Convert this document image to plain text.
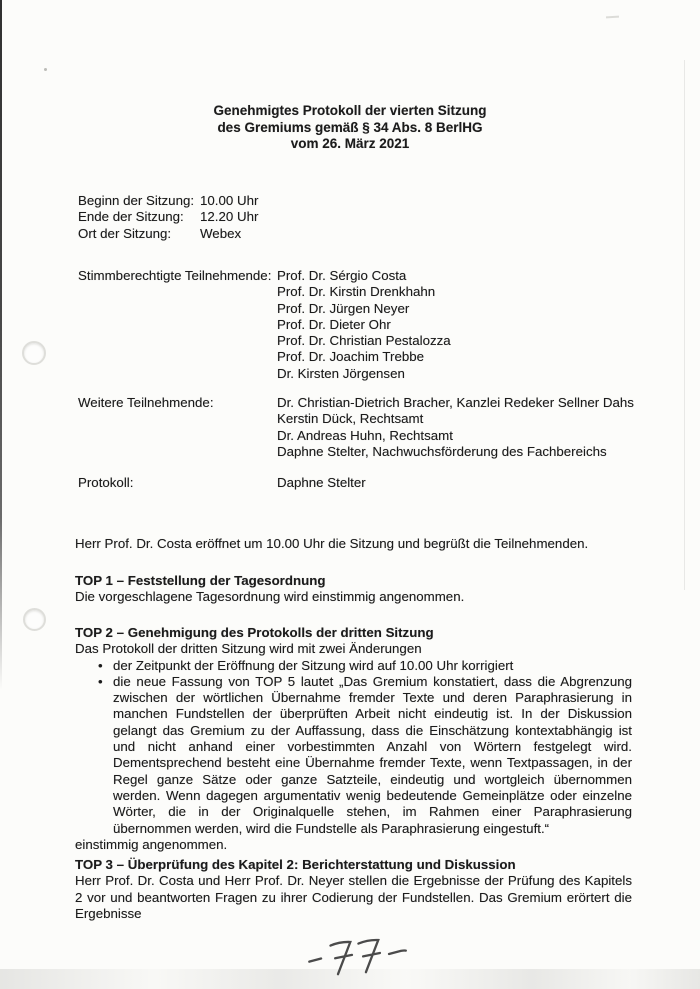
Genehmigtes Protokoll der vierten Sitzung
des Gremiums gemäß § 34 Abs. 8 BerlHG
vom 26. März 2021
Beginn der Sitzung: 10.00 Uhr
Ende der Sitzung:	12.20 Uhr
Ort der Sitzung:	Webex
Stimmberechtigte Teilnehmende: Prof. Dr. Sérgio Costa
Prof. Dr. Kirstin Drenkhahn
Prof. Dr. Jürgen Neyer
Prof. Dr. Dieter Ohr
Prof. Dr. Christian Pestalozza
Prof. Dr. Joachim Trebbe
Dr. Kirsten Jörgensen
Weitere Teilnehmende:	Dr. Christian-Dietrich Bracher, Kanzlei Redeker Sellner Dahs
Kerstin Dück, Rechtsamt
Dr. Andreas Huhn, Rechtsamt
Daphne Stelter, Nachwuchsförderung des Fachbereichs
Protokoll:	Daphne Stelter
Herr Prof. Dr. Costa eröffnet um 10.00 Uhr die Sitzung und begrüßt die Teilnehmenden.
TOP 1 – Feststellung der Tagesordnung
Die vorgeschlagene Tagesordnung wird einstimmig angenommen.
TOP 2 – Genehmigung des Protokolls der dritten Sitzung
Das Protokoll der dritten Sitzung wird mit zwei Änderungen
• der Zeitpunkt der Eröffnung der Sitzung wird auf 10.00 Uhr korrigiert
• die neue Fassung von TOP 5 lautet „Das Gremium konstatiert, dass die Abgrenzung zwischen der wörtlichen Übernahme fremder Texte und deren Paraphrasierung in manchen Fundstellen der überprüften Arbeit nicht eindeutig ist. In der Diskussion gelangt das Gremium zu der Auffassung, dass die Einschätzung kontextabhängig ist und nicht anhand einer vorbestimmten Anzahl von Wörtern festgelegt wird. Dementsprechend besteht eine Übernahme fremder Texte, wenn Textpassagen, in der Regel ganze Sätze oder ganze Satzteile, eindeutig und wortgleich übernommen werden. Wenn dagegen argumentativ wenig bedeutende Gemeinplätze oder einzelne Wörter, die in der Originalquelle stehen, im Rahmen einer Paraphrasierung übernommen werden, wird die Fundstelle als Paraphrasierung eingestuft.“
einstimmig angenommen.
TOP 3 – Überprüfung des Kapitel 2: Berichterstattung und Diskussion
Herr Prof. Dr. Costa und Herr Prof. Dr. Neyer stellen die Ergebnisse der Prüfung des Kapitels 2 vor und beantworten Fragen zu ihrer Codierung der Fundstellen. Das Gremium erörtert die Ergebnisse
